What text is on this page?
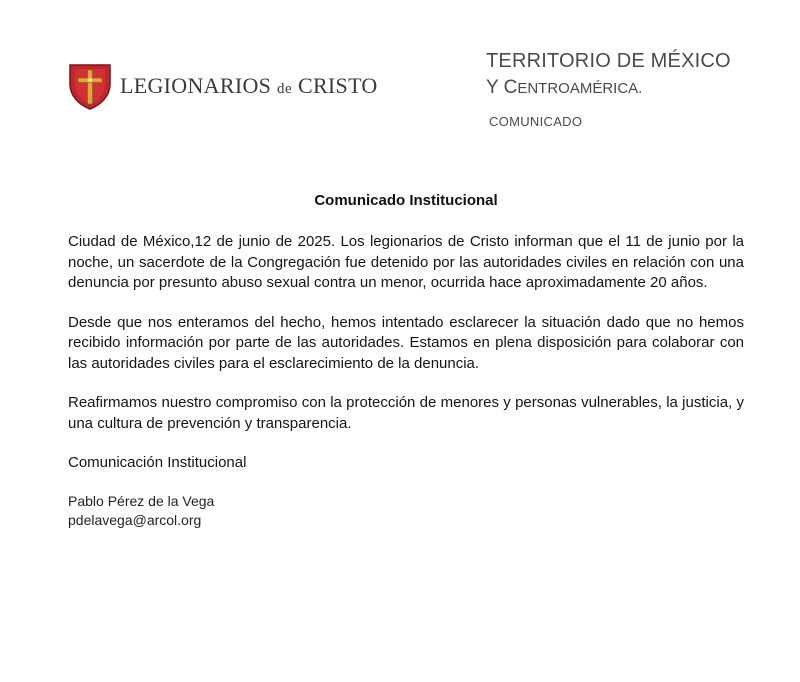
LEGIONARIOS de CRISTO
TERRITORIO DE MÉXICO
Y CENTROAMÉRICA.
COMUNICADO
Comunicado Institucional

Ciudad de México,12 de junio de 2025. Los legionarios de Cristo informan que el 11 de junio por la noche, un sacerdote de la Congregación fue detenido por las autoridades civiles en relación con una denuncia por presunto abuso sexual contra un menor, ocurrida hace aproximadamente 20 años.

Desde que nos enteramos del hecho, hemos intentado esclarecer la situación dado que no hemos recibido información por parte de las autoridades. Estamos en plena disposición para colaborar con las autoridades civiles para el esclarecimiento de la denuncia.

Reafirmamos nuestro compromiso con la protección de menores y personas vulnerables, la justicia, y una cultura de prevención y transparencia.

Comunicación Institucional
Pablo Pérez de la Vega
pdelavega@arcol.org
